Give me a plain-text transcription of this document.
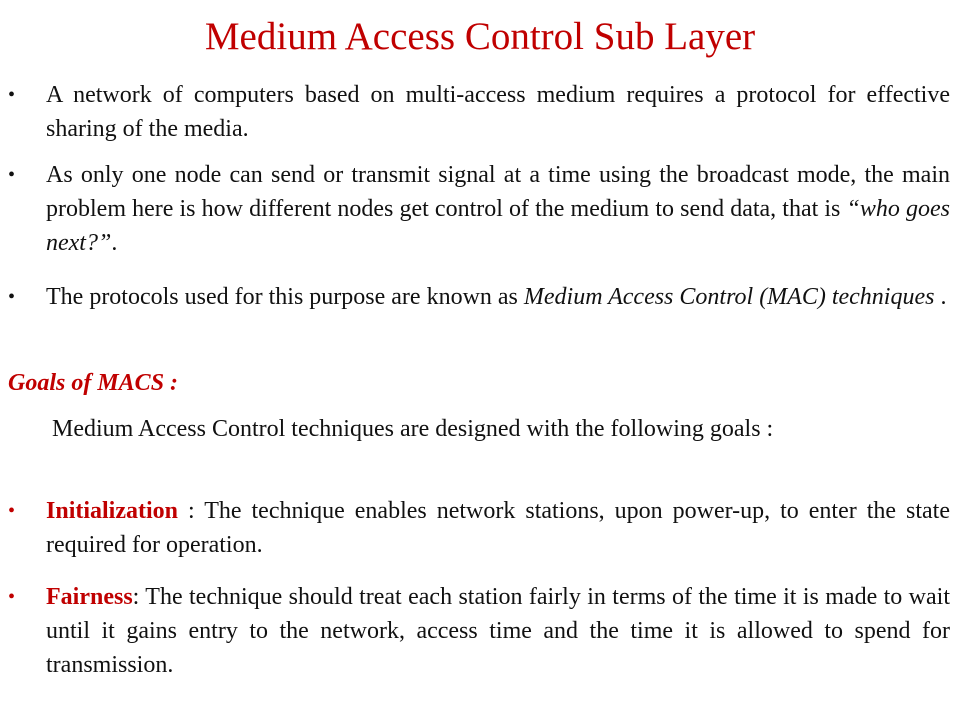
Medium Access Control Sub Layer
•	A network of computers based on multi-access medium requires a protocol for effective sharing of the media.
•	As only one node can send or transmit signal at a time using the broadcast mode, the main problem here is how different nodes get control of the medium to send data, that is “who goes next?”.
•	The protocols used for this purpose are known as Medium Access Control (MAC) techniques .
Goals of MACS :
Medium Access Control techniques are designed with the following goals :
•	Initialization : The technique enables network stations, upon power-up, to enter the state required for operation.
•	Fairness: The technique should treat each station fairly in terms of the time it is made to wait until it gains entry to the network, access time and the time it is allowed to spend for transmission.
